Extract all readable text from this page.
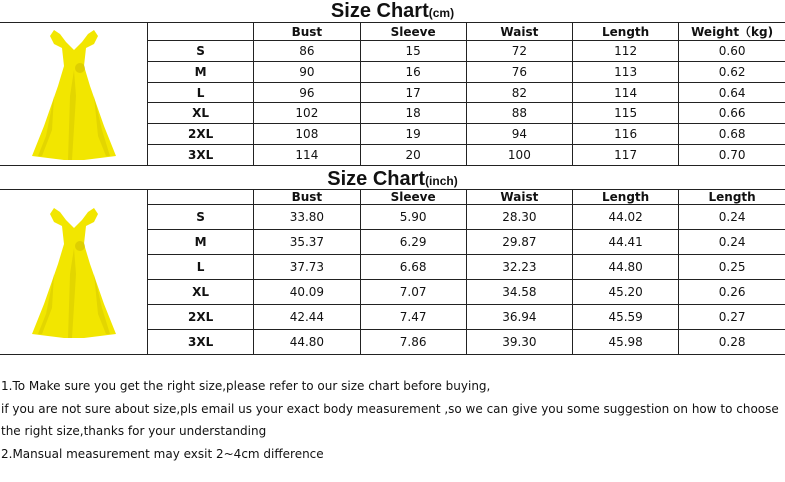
Size Chart(cm)
	Bust	Sleeve	Waist	Length	Weight（kg)
S	86	15	72	112	0.60
M	90	16	76	113	0.62
L	96	17	82	114	0.64
XL	102	18	88	115	0.66
2XL	108	19	94	116	0.68
3XL	114	20	100	117	0.70
Size Chart(inch)
	Bust	Sleeve	Waist	Length	Length
S	33.80	5.90	28.30	44.02	0.24
M	35.37	6.29	29.87	44.41	0.24
L	37.73	6.68	32.23	44.80	0.25
XL	40.09	7.07	34.58	45.20	0.26
2XL	42.44	7.47	36.94	45.59	0.27
3XL	44.80	7.86	39.30	45.98	0.28

1.To Make sure you get the right size,please refer to our size chart before buying,

if you are not sure about size,pls email us your exact body measurement ,so we can give you some suggestion on how to choose

the right size,thanks for your understanding

2.Mansual measurement may exsit 2~4cm difference
